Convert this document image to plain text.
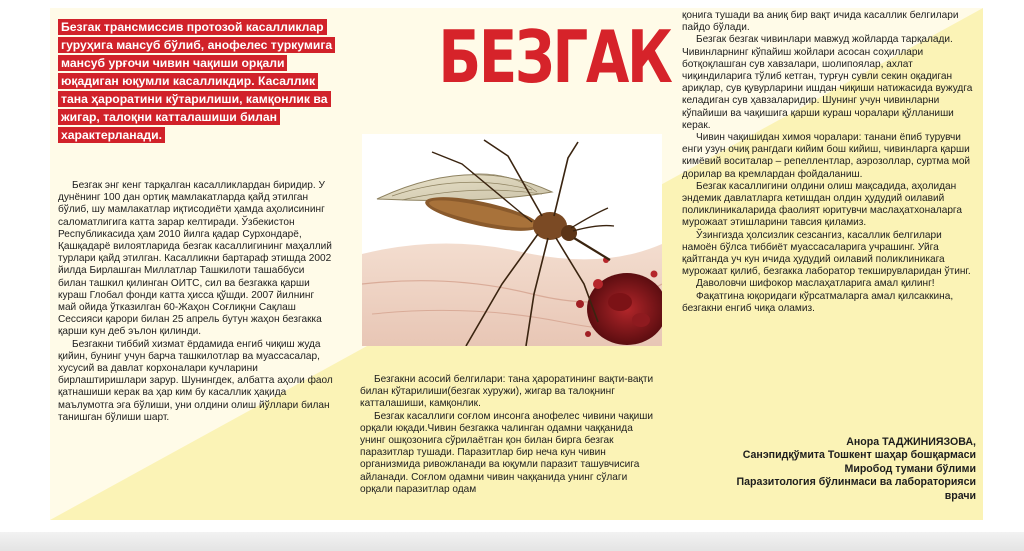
Безгак трансмиссив протозой касалликлар гуруҳига мансуб бўлиб, анофелес туркумига мансуб урғочи чивин чақиши орқали юқадиган юқумли касалликдир. Касаллик тана ҳароратини кўтарилиши, камқонлик ва жигар, талоқни катталашиши билан характерланади.

БЕЗГАК

Безгак энг кенг тарқалган касалликлардан биридир. У дунёнинг 100 дан ортиқ мамлакатларда қайд этилган бўлиб, шу мамлакатлар иқтисодиёти ҳамда аҳолисининг саломатлигига катта зарар келтиради. Ўзбекистон Республикасида ҳам 2010 йилга қадар Сурхондарё, Қашқадарё вилоятларида безгак касаллигининг маҳаллий турлари қайд этилган. Касалликни бартараф этишда 2002 йилда Бирлашган Миллатлар Ташкилоти ташаббуси билан ташкил қилинган ОИТС, сил ва безгакка қарши кураш Глобал фонди катта ҳисса қўшди. 2007 йилнинг май ойида ўтказилган 60-Жаҳон Соғлиқни Сақлаш Сессияси қарори билан 25 апрель бутун жаҳон безгакка қарши кун деб эълон қилинди.

Безгакни тиббий хизмат ёрдамида енгиб чиқиш жуда қийин, бунинг учун барча ташкилотлар ва муассасалар, хусусий ва давлат корхоналари кучларини бирлаштиришлари зарур. Шунингдек, албатта аҳоли фаол қатнашиши керак ва ҳар ким бу касаллик ҳақида маълумотга эга бўлиши, уни олдини олиш йўллари билан танишган бўлиши шарт.

Безгакни асосий белгилари: тана ҳароратининг вақти-вақти билан кўтарилиши(безгак хуружи), жигар ва талоқнинг катталашиши, камқонлик.

Безгак касаллиги соғлом инсонга анофелес чивини чақиши орқали юқади.Чивин безгакка чалинган одамни чаққанида унинг ошқозонига сўрилаётган қон билан бирга безгак паразитлар тушади. Паразитлар бир неча кун чивин организмида ривожланади ва юқумли паразит ташувчисига айланади. Соғлом одамни чивин чаққанида унинг сўлаги орқали паразитлар одам

қонига тушади ва аниқ бир вақт ичида касаллик белгилари пайдо бўлади.

Безгак безгак чивинлари мавжуд жойларда тарқалади. Чивинларнинг кўпайиш жойлари асосан соҳиллари ботқоқлашган сув хавзалари, шолипоялар, ахлат чиқиндиларига тўлиб кетган, турғун сувли секин оқадиган ариқлар, сув қувурларини ишдан чиқиши натижасида вужудга келадиган сув ҳавзаларидир. Шунинг учун чивинларни кўпайиши ва чақишига қарши кураш чоралари қўлланиши керак.

Чивин чақишидан химоя чоралари: танани ёпиб турувчи енги узун очиқ рангдаги кийим бош кийиш, чивинларга қарши кимёвий воситалар – репеллентлар, аэрозоллар, суртма мой дорилар ва кремлардан фойдаланиш.

Безгак касаллигини олдини олиш мақсадида, аҳолидан эндемик давлатларга кетишдан олдин ҳудудий оилавий поликлиникаларида фаолият юритувчи маслаҳатхоналарга мурожаат этишларини тавсия қиламиз.

Ўзингизда ҳолсизлик сезсангиз, касаллик белгилари намоён бўлса тиббиёт муассасаларига учрашинг. Уйга қайтганда уч кун ичида ҳудудий оилавий поликлиникага мурожаат қилиб, безгакка лаборатор текширувларидан ўтинг.

Даволовчи шифокор маслаҳатларига амал қилинг!

Фақатгина юқоридаги кўрсатмаларга амал қилсаккина, безгакни енгиб чиқа оламиз.

Анора ТАДЖИНИЯЗОВА,
Санэпидқўмита Тошкент шаҳар бошқармаси
Миробод тумани бўлими
Паразитология бўлинмаси ва лабораторияси
врачи
